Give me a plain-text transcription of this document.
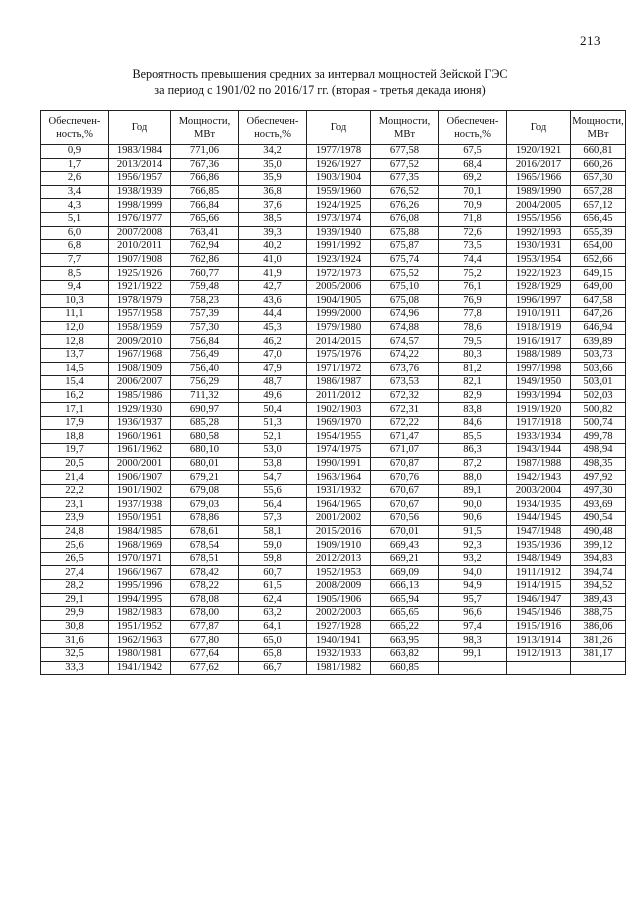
213
Вероятность превышения средних за интервал мощностей Зейской ГЭС
за период с 1901/02 по 2016/17 гг. (вторая - третья декада июня)
Обеспечен-ность,%	Год	Мощности, МВт	Обеспечен-ность,%	Год	Мощности, МВт	Обеспечен-ность,%	Год	Мощности, МВт
0,9	1983/1984	771,06	34,2	1977/1978	677,58	67,5	1920/1921	660,81
1,7	2013/2014	767,36	35,0	1926/1927	677,52	68,4	2016/2017	660,26
2,6	1956/1957	766,86	35,9	1903/1904	677,35	69,2	1965/1966	657,30
3,4	1938/1939	766,85	36,8	1959/1960	676,52	70,1	1989/1990	657,28
4,3	1998/1999	766,84	37,6	1924/1925	676,26	70,9	2004/2005	657,12
5,1	1976/1977	765,66	38,5	1973/1974	676,08	71,8	1955/1956	656,45
6,0	2007/2008	763,41	39,3	1939/1940	675,88	72,6	1992/1993	655,39
6,8	2010/2011	762,94	40,2	1991/1992	675,87	73,5	1930/1931	654,00
7,7	1907/1908	762,86	41,0	1923/1924	675,74	74,4	1953/1954	652,66
8,5	1925/1926	760,77	41,9	1972/1973	675,52	75,2	1922/1923	649,15
9,4	1921/1922	759,48	42,7	2005/2006	675,10	76,1	1928/1929	649,00
10,3	1978/1979	758,23	43,6	1904/1905	675,08	76,9	1996/1997	647,58
11,1	1957/1958	757,39	44,4	1999/2000	674,96	77,8	1910/1911	647,26
12,0	1958/1959	757,30	45,3	1979/1980	674,88	78,6	1918/1919	646,94
12,8	2009/2010	756,84	46,2	2014/2015	674,57	79,5	1916/1917	639,89
13,7	1967/1968	756,49	47,0	1975/1976	674,22	80,3	1988/1989	503,73
14,5	1908/1909	756,40	47,9	1971/1972	673,76	81,2	1997/1998	503,66
15,4	2006/2007	756,29	48,7	1986/1987	673,53	82,1	1949/1950	503,01
16,2	1985/1986	711,32	49,6	2011/2012	672,32	82,9	1993/1994	502,03
17,1	1929/1930	690,97	50,4	1902/1903	672,31	83,8	1919/1920	500,82
17,9	1936/1937	685,28	51,3	1969/1970	672,22	84,6	1917/1918	500,74
18,8	1960/1961	680,58	52,1	1954/1955	671,47	85,5	1933/1934	499,78
19,7	1961/1962	680,10	53,0	1974/1975	671,07	86,3	1943/1944	498,94
20,5	2000/2001	680,01	53,8	1990/1991	670,87	87,2	1987/1988	498,35
21,4	1906/1907	679,21	54,7	1963/1964	670,76	88,0	1942/1943	497,92
22,2	1901/1902	679,08	55,6	1931/1932	670,67	89,1	2003/2004	497,30
23,1	1937/1938	679,03	56,4	1964/1965	670,67	90,0	1934/1935	493,69
23,9	1950/1951	678,86	57,3	2001/2002	670,56	90,6	1944/1945	490,54
24,8	1984/1985	678,61	58,1	2015/2016	670,01	91,5	1947/1948	490,48
25,6	1968/1969	678,54	59,0	1909/1910	669,43	92,3	1935/1936	399,12
26,5	1970/1971	678,51	59,8	2012/2013	669,21	93,2	1948/1949	394,83
27,4	1966/1967	678,42	60,7	1952/1953	669,09	94,0	1911/1912	394,74
28,2	1995/1996	678,22	61,5	2008/2009	666,13	94,9	1914/1915	394,52
29,1	1994/1995	678,08	62,4	1905/1906	665,94	95,7	1946/1947	389,43
29,9	1982/1983	678,00	63,2	2002/2003	665,65	96,6	1945/1946	388,75
30,8	1951/1952	677,87	64,1	1927/1928	665,22	97,4	1915/1916	386,06
31,6	1962/1963	677,80	65,0	1940/1941	663,95	98,3	1913/1914	381,26
32,5	1980/1981	677,64	65,8	1932/1933	663,82	99,1	1912/1913	381,17
33,3	1941/1942	677,62	66,7	1981/1982	660,85			
